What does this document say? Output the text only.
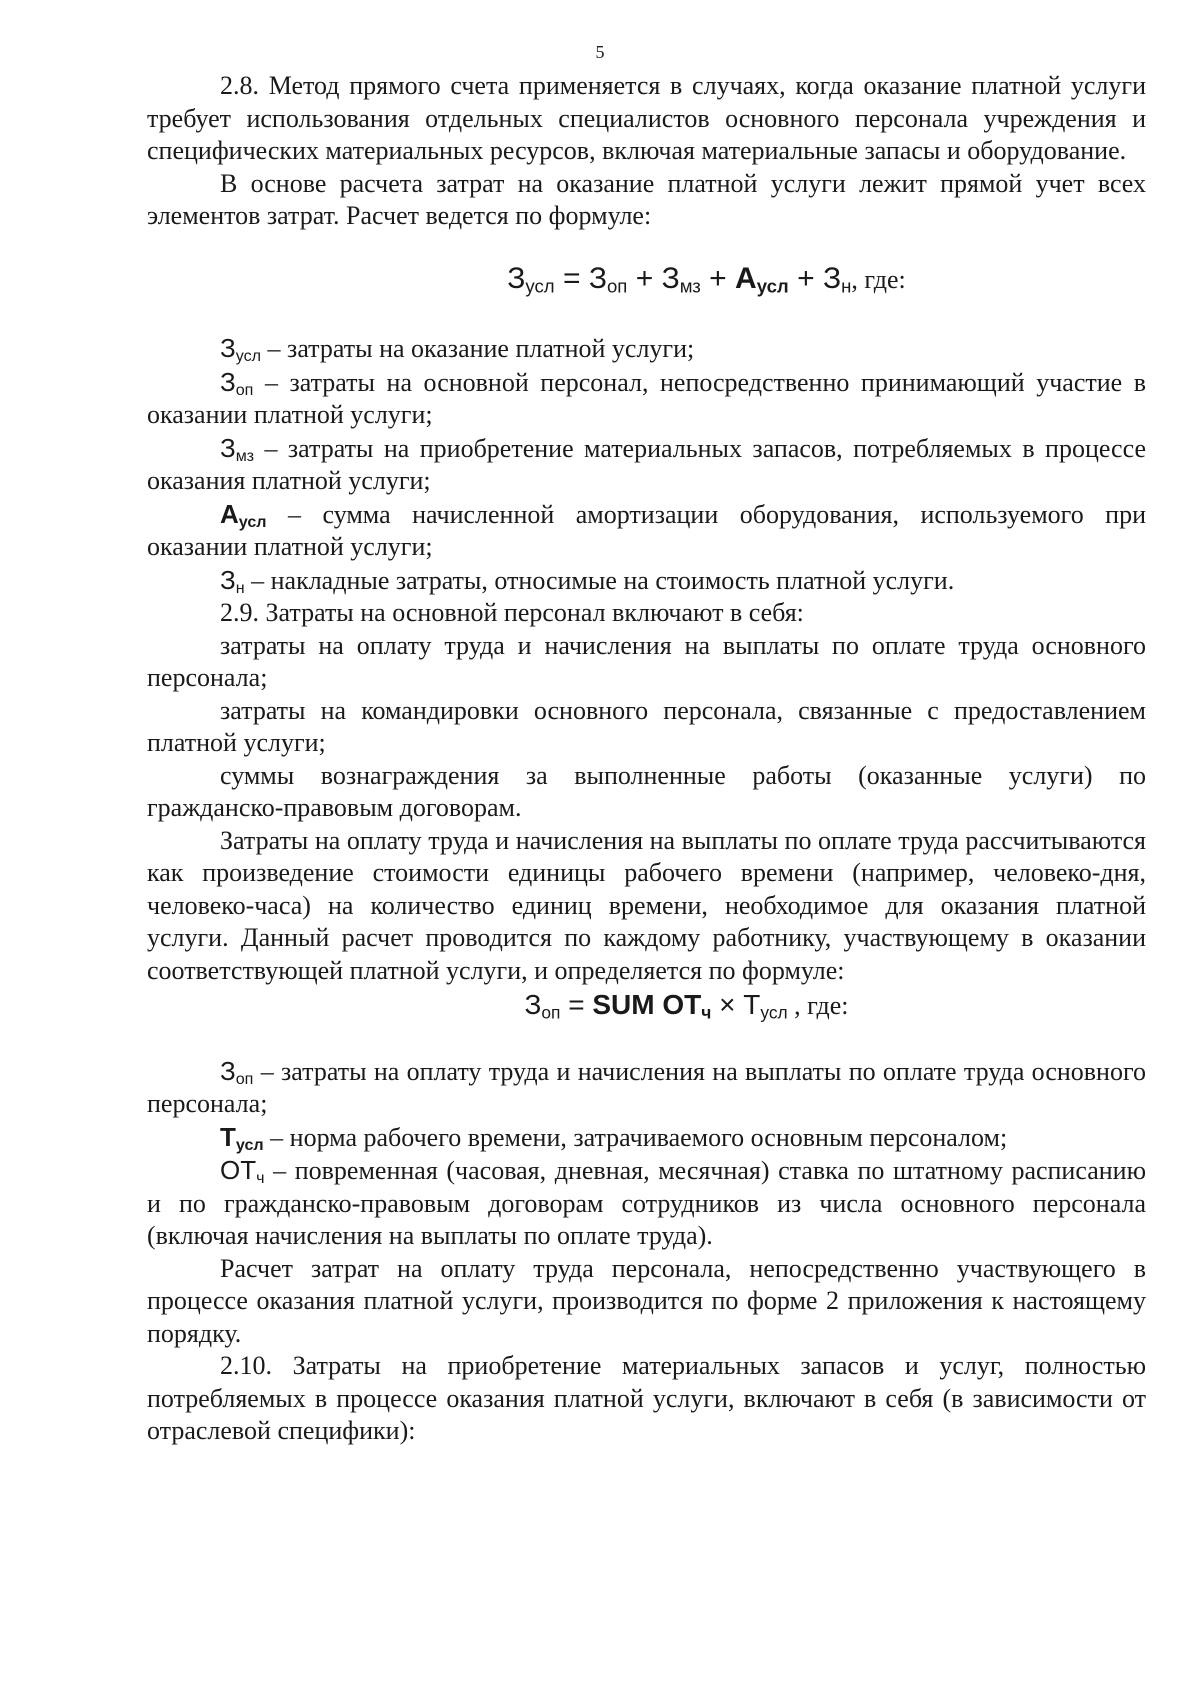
5

2.8. Метод прямого счета применяется в случаях, когда оказание платной услуги требует использования отдельных специалистов основного персонала учреждения и специфических материальных ресурсов, включая материальные запасы и оборудование.

В основе расчета затрат на оказание платной услуги лежит прямой учет всех элементов затрат. Расчет ведется по формуле:

$З_{усл} = З_{оп} + З_{мз} + А_{усл} + З_н$, где:

$З_{усл}$ – затраты на оказание платной услуги;

$З_{оп}$ – затраты на основной персонал, непосредственно принимающий участие в оказании платной услуги;

$З_{мз}$ – затраты на приобретение материальных запасов, потребляемых в процессе оказания платной услуги;

$А_{усл}$ – сумма начисленной амортизации оборудования, используемого при оказании платной услуги;

$З_н$ – накладные затраты, относимые на стоимость платной услуги.

2.9. Затраты на основной персонал включают в себя:

затраты на оплату труда и начисления на выплаты по оплате труда основного персонала;

затраты на командировки основного персонала, связанные с предоставлением платной услуги;

суммы вознаграждения за выполненные работы (оказанные услуги) по гражданско-правовым договорам.

Затраты на оплату труда и начисления на выплаты по оплате труда рассчитываются как произведение стоимости единицы рабочего времени (например, человеко-дня, человеко-часа) на количество единиц времени, необходимое для оказания платной услуги. Данный расчет проводится по каждому работнику, участвующему в оказании соответствующей платной услуги, и определяется по формуле:

$З_{оп}$ = SUM $ОТ_ч \times Т_{усл}$ , где:

$З_{оп}$ – затраты на оплату труда и начисления на выплаты по оплате труда основного персонала;

$Т_{усл}$ – норма рабочего времени, затрачиваемого основным персоналом;

$ОТ_ч$ – повременная (часовая, дневная, месячная) ставка по штатному расписанию и по гражданско-правовым договорам сотрудников из числа основного персонала (включая начисления на выплаты по оплате труда).

Расчет затрат на оплату труда персонала, непосредственно участвующего в процессе оказания платной услуги, производится по форме 2 приложения к настоящему порядку.

2.10. Затраты на приобретение материальных запасов и услуг, полностью потребляемых в процессе оказания платной услуги, включают в себя (в зависимости от отраслевой специфики):
